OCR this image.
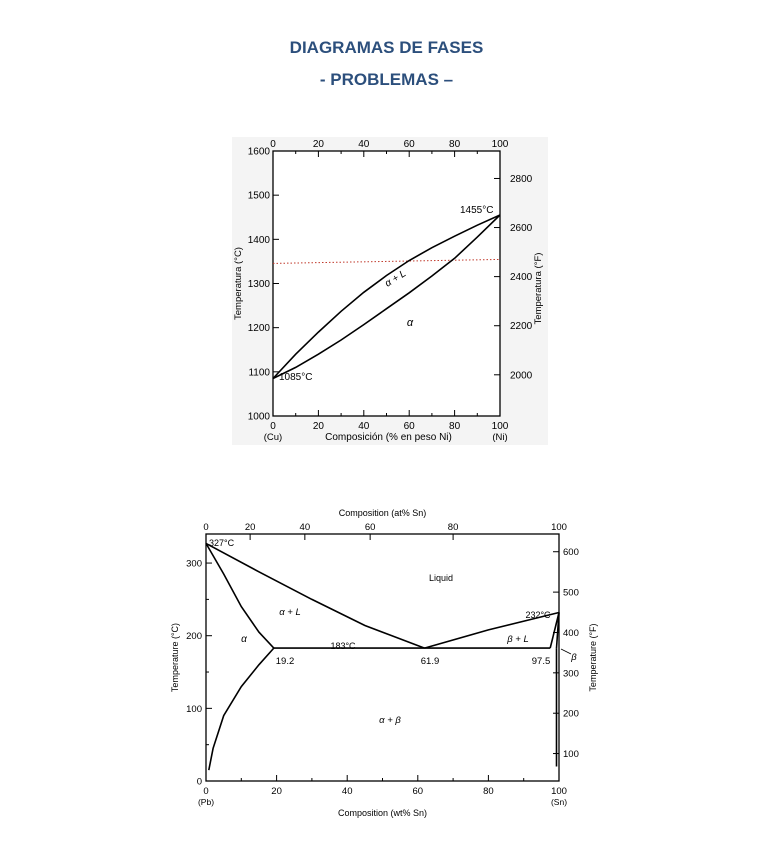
DIAGRAMAS DE FASES
- PROBLEMAS –
0
0
20
20
40
40
60
60
80
80
100
100
1000
1100
1200
1300
1400
1500
1600
2000
2200
2400
2600
2800
(Cu)	(Ni)
Composición (% en peso Ni)
Temperatura (°C)	Temperatura (°F)
1455°C
1085°C
α + L
α
0	20	40	60	80	100
0	20	40	60	80	100
0
100
200
300
100
200
300
400
500
600
(Pb)	(Sn)
Composition (wt% Sn)
Composition (at% Sn)
Temperature (°C)	Temperature (°F)
327°C
Liquid
α + L
α
183°C
19.2	61.9	97.5
232°C
β + L
β
α + β
